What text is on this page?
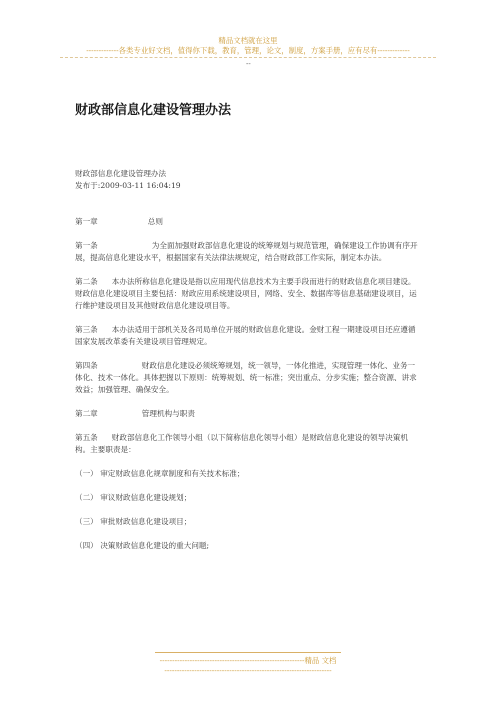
精品文档就在这里
-------------各类专业好文档，值得你下载，教育，管理，论文，制度，方案手册，应有尽有-------------
--
财政部信息化建设管理办法

财政部信息化建设管理办法

发布于:2009-03-11 16:04:19

第一章	总则

第一条	为全面加强财政部信息化建设的统筹规划与规范管理，确保建设工作协调有序开展，提高信息化建设水平，根据国家有关法律法规规定，结合财政部工作实际，制定本办法。

第二条 本办法所称信息化建设是指以应用现代信息技术为主要手段而进行的财政信息化项目建设。财政信息化建设项目主要包括：财政应用系统建设项目，网络、安全、数据库等信息基础建设项目，运行维护建设项目及其他财政信息化建设项目等。

第三条 本办法适用于部机关及各司局单位开展的财政信息化建设。金财工程一期建设项目还应遵循国家发展改革委有关建设项目管理规定。

第四条	财政信息化建设必须统筹规划，统一领导，一体化推进，实现管理一体化、业务一体化、技术一体化。具体把握以下原则：统筹规划、统一标准；突出重点、分步实施；整合资源、讲求效益；加强管理、确保安全。

第二章	管理机构与职责

第五条 财政部信息化工作领导小组（以下简称信息化领导小组）是财政信息化建设的领导决策机构。主要职责是：

（一） 审定财政信息化规章制度和有关技术标准；

（二） 审议财政信息化建设规划；

（三） 审批财政信息化建设项目；

（四） 决策财政信息化建设的重大问题;

----------------------------------------------------------精品 文档
-------------------------------------------------------------------
